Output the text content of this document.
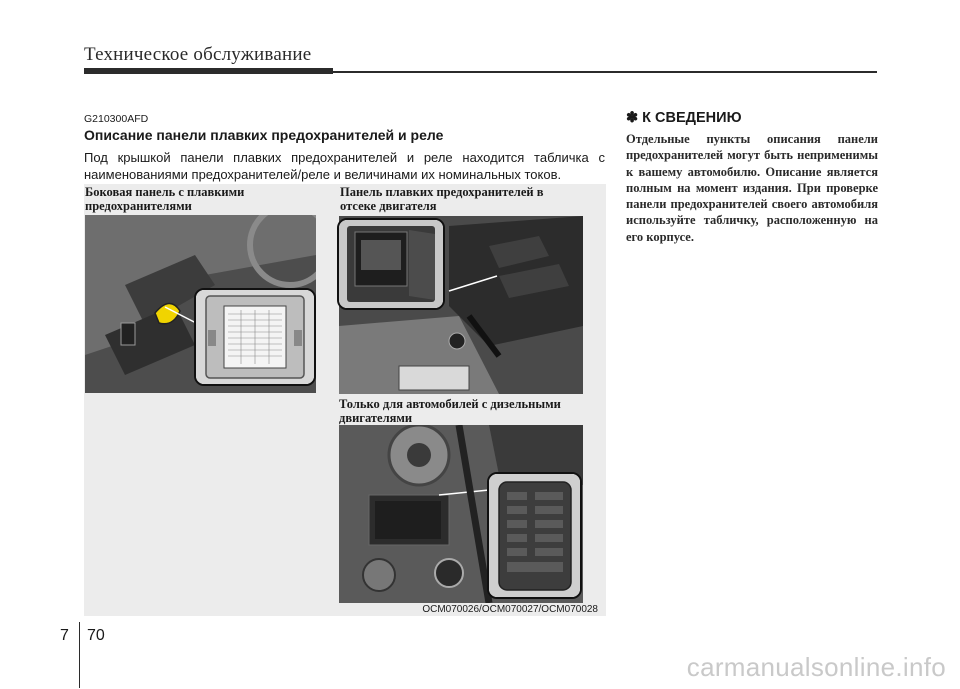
Техническое обслуживание
G210300AFD
Описание панели плавких предохранителей и реле
Под крышкой панели плавких предохранителей и реле находится табличка с наименованиями предохранителей/реле и величинами их номинальных токов.
Боковая панель с плавкими предохранителями
Панель плавких предохранителей в отсеке двигателя
Только для автомобилей с дизельными двигателями
OCM070026/OCM070027/OCM070028
✽ К СВЕДЕНИЮ
Отдельные пункты описания панели предохранителей могут быть неприменимы к вашему автомобилю. Описание является полным на момент издания. При проверке панели предохранителей своего автомобиля используйте табличку, расположенную на его корпусе.
7 70
carmanualsonline.info
